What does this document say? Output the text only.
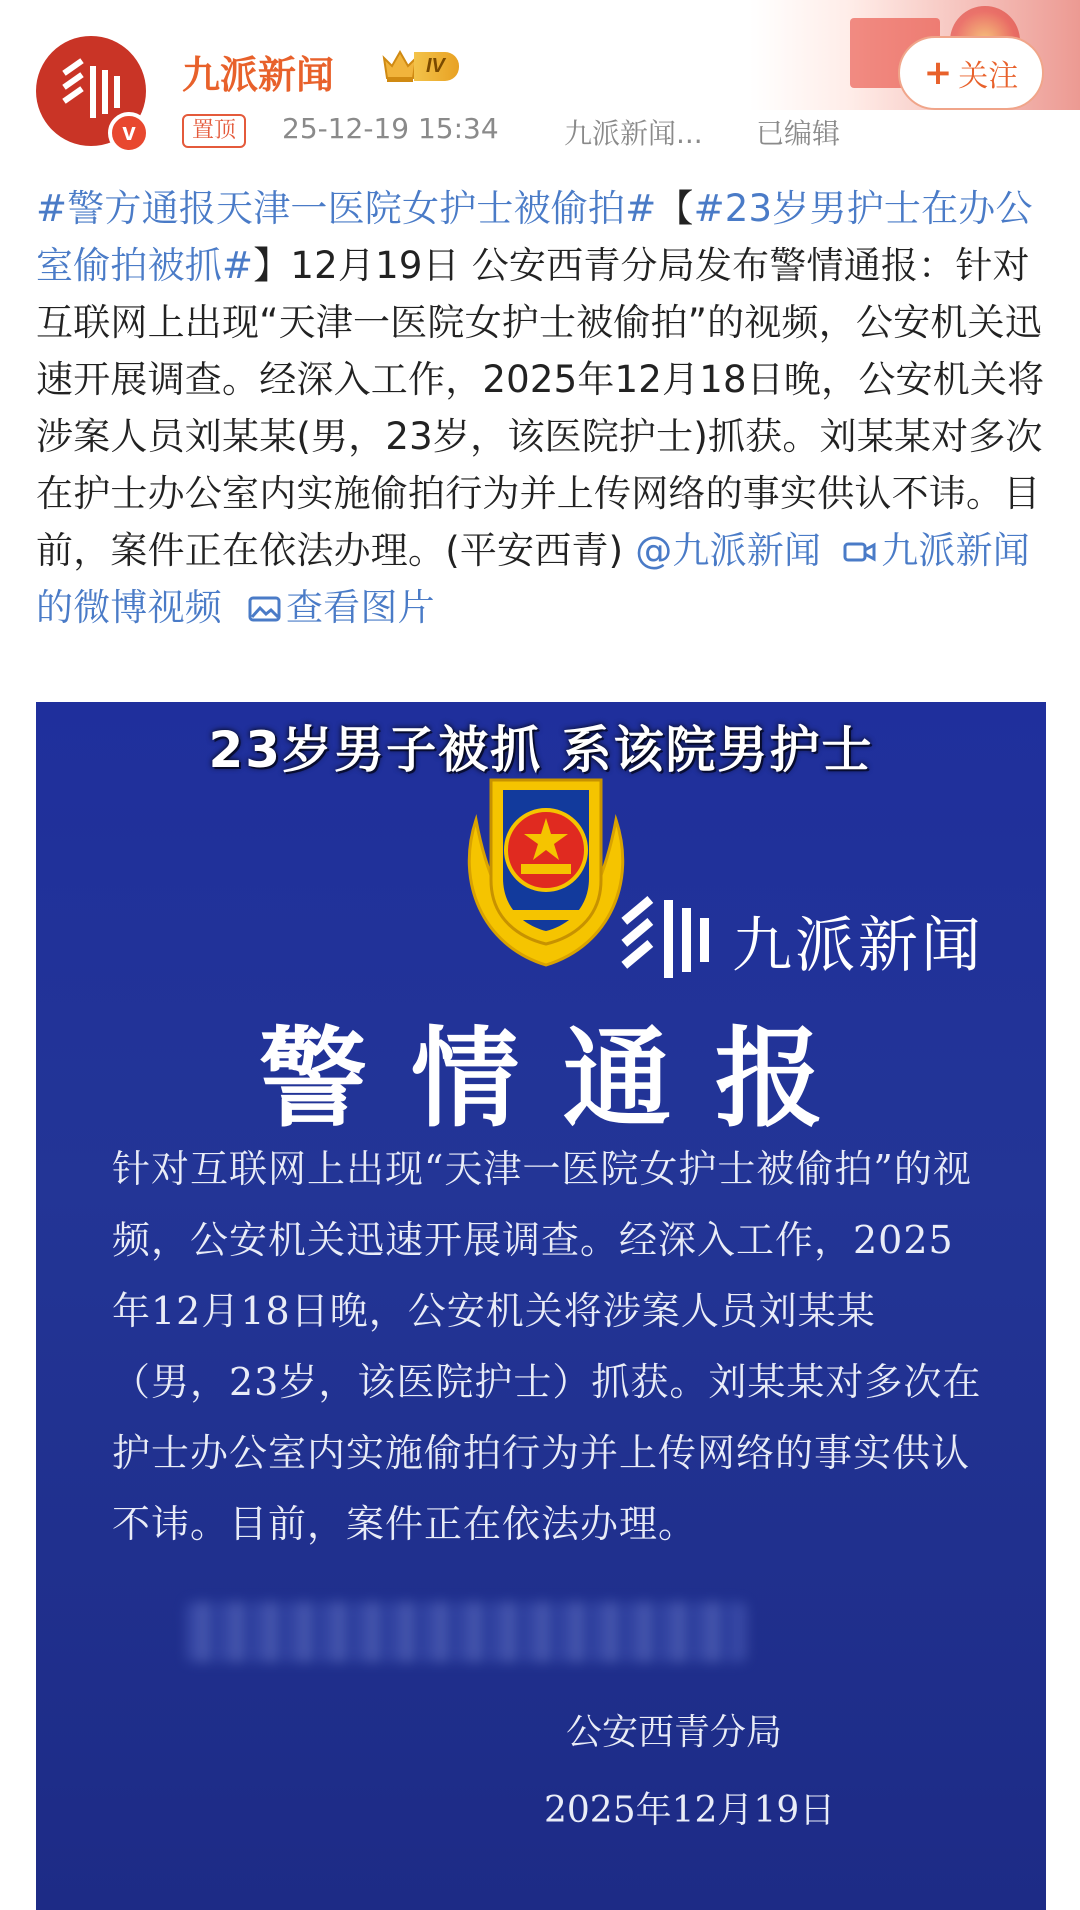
v
九派新闻	IV
置顶	25-12-19 15:34 九派新闻... 已编辑
+ 关注
#警方通报天津一医院女护士被偷拍#【#23岁男护士在办公室偷拍被抓#】12月19日 公安西青分局发布警情通报：针对互联网上出现“天津一医院女护士被偷拍”的视频，公安机关迅速开展调查。经深入工作，2025年12月18日晚，公安机关将涉案人员刘某某(男，23岁，该医院护士)抓获。刘某某对多次在护士办公室内实施偷拍行为并上传网络的事实供认不讳。目前，案件正在依法办理。(平安西青) @九派新闻 九派新闻的微博视频 查看图片
23岁男子被抓 系该院男护士
九派新闻
警情通报
针对互联网上出现“天津一医院女护士被偷拍”的视频，公安机关迅速开展调查。经深入工作，2025年12月18日晚，公安机关将涉案人员刘某某（男，23岁，该医院护士）抓获。刘某某对多次在护士办公室内实施偷拍行为并上传网络的事实供认不讳。目前，案件正在依法办理。
公安西青分局
2025年12月19日
